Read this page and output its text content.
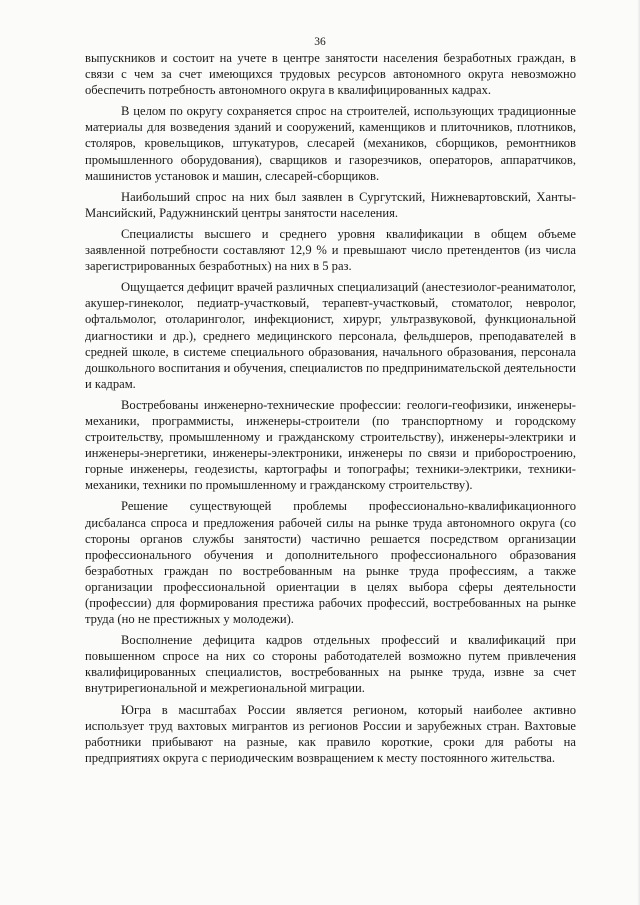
36

выпускников и состоит на учете в центре занятости населения безработных граждан, в связи с чем за счет имеющихся трудовых ресурсов автономного округа невозможно обеспечить потребность автономного округа в квалифицированных кадрах.

В целом по округу сохраняется спрос на строителей, использующих традиционные материалы для возведения зданий и сооружений, каменщиков и плиточников, плотников, столяров, кровельщиков, штукатуров, слесарей (механиков, сборщиков, ремонтников промышленного оборудования), сварщиков и газорезчиков, операторов, аппаратчиков, машинистов установок и машин, слесарей-сборщиков.

Наибольший спрос на них был заявлен в Сургутский, Нижневартовский, Ханты-Мансийский, Радужнинский центры занятости населения.

Специалисты высшего и среднего уровня квалификации в общем объеме заявленной потребности составляют 12,9 % и превышают число претендентов (из числа зарегистрированных безработных) на них в 5 раз.

Ощущается дефицит врачей различных специализаций (анестезиолог-реаниматолог, акушер-гинеколог, педиатр-участковый, терапевт-участковый, стоматолог, невролог, офтальмолог, отоларинголог, инфекционист, хирург, ультразвуковой, функциональной диагностики и др.), среднего медицинского персонала, фельдшеров, преподавателей в средней школе, в системе специального образования, начального образования, персонала дошкольного воспитания и обучения, специалистов по предпринимательской деятельности и кадрам.

Востребованы инженерно-технические профессии: геологи-геофизики, инженеры-механики, программисты, инженеры-строители (по транспортному и городскому строительству, промышленному и гражданскому строительству), инженеры-электрики и инженеры-энергетики, инженеры-электроники, инженеры по связи и приборостроению, горные инженеры, геодезисты, картографы и топографы; техники-электрики, техники-механики, техники по промышленному и гражданскому строительству).

Решение существующей проблемы профессионально-квалификационного дисбаланса спроса и предложения рабочей силы на рынке труда автономного округа (со стороны органов службы занятости) частично решается посредством организации профессионального обучения и дополнительного профессионального образования безработных граждан по востребованным на рынке труда профессиям, а также организации профессиональной ориентации в целях выбора сферы деятельности (профессии) для формирования престижа рабочих профессий, востребованных на рынке труда (но не престижных у молодежи).

Восполнение дефицита кадров отдельных профессий и квалификаций при повышенном спросе на них со стороны работодателей возможно путем привлечения квалифицированных специалистов, востребованных на рынке труда, извне за счет внутрирегиональной и межрегиональной миграции.

Югра в масштабах России является регионом, который наиболее активно использует труд вахтовых мигрантов из регионов России и зарубежных стран. Вахтовые работники прибывают на разные, как правило короткие, сроки для работы на предприятиях округа с периодическим возвращением к месту постоянного жительства.
